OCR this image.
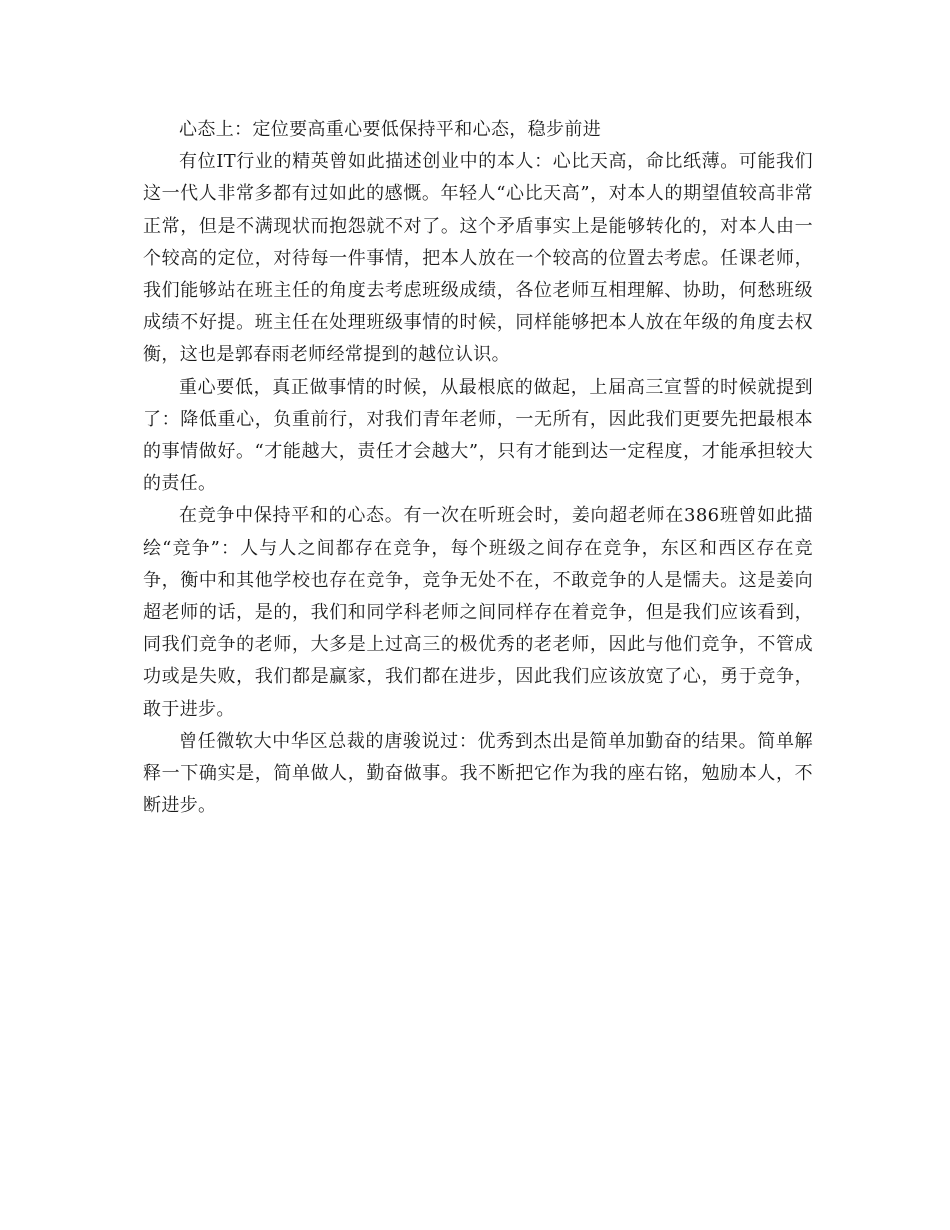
心态上：定位要高重心要低保持平和心态，稳步前进

有位IT行业的精英曾如此描述创业中的本人：心比天高，命比纸薄。可能我们这一代人非常多都有过如此的感慨。年轻人“心比天高”，对本人的期望值较高非常正常，但是不满现状而抱怨就不对了。这个矛盾事实上是能够转化的，对本人由一个较高的定位，对待每一件事情，把本人放在一个较高的位置去考虑。任课老师，我们能够站在班主任的角度去考虑班级成绩，各位老师互相理解、协助，何愁班级成绩不好提。班主任在处理班级事情的时候，同样能够把本人放在年级的角度去权衡，这也是郭春雨老师经常提到的越位认识。

重心要低，真正做事情的时候，从最根底的做起，上届高三宣誓的时候就提到了：降低重心，负重前行，对我们青年老师，一无所有，因此我们更要先把最根本的事情做好。“才能越大，责任才会越大”，只有才能到达一定程度，才能承担较大的责任。

在竞争中保持平和的心态。有一次在听班会时，姜向超老师在386班曾如此描绘“竞争”：人与人之间都存在竞争，每个班级之间存在竞争，东区和西区存在竞争，衡中和其他学校也存在竞争，竞争无处不在，不敢竞争的人是懦夫。这是姜向超老师的话，是的，我们和同学科老师之间同样存在着竞争，但是我们应该看到，同我们竞争的老师，大多是上过高三的极优秀的老老师，因此与他们竞争，不管成功或是失败，我们都是赢家，我们都在进步，因此我们应该放宽了心，勇于竞争，敢于进步。

曾任微软大中华区总裁的唐骏说过：优秀到杰出是简单加勤奋的结果。简单解释一下确实是，简单做人，勤奋做事。我不断把它作为我的座右铭，勉励本人，不断进步。
